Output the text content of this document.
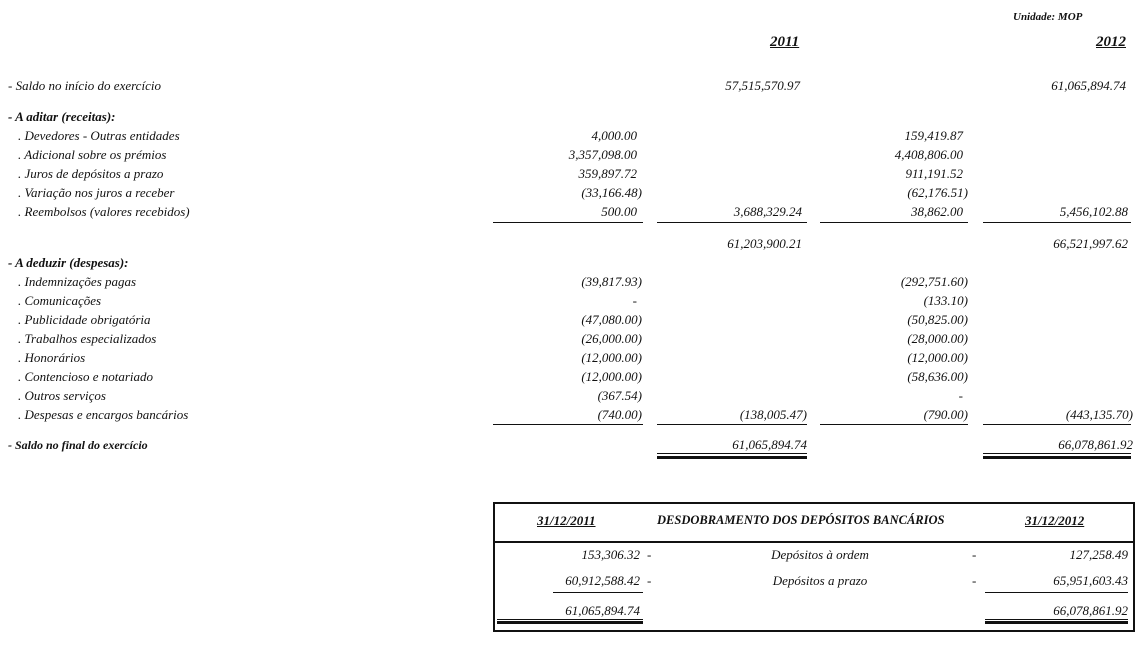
Unidade: MOP
2011	2012
- Saldo no início do exercício	57,515,570.97	61,065,894.74
- A aditar (receitas):
. Devedores - Outras entidades	4,000.00	159,419.87
. Adicional sobre os prémios	3,357,098.00	4,408,806.00
. Juros de depósitos a prazo	359,897.72	911,191.52
. Variação nos juros a receber	(33,166.48)	(62,176.51)
. Reembolsos (valores recebidos)	500.00	3,688,329.24	38,862.00	5,456,102.88
61,203,900.21	66,521,997.62
- A deduzir (despesas):
. Indemnizações pagas	(39,817.93)	(292,751.60)
. Comunicações	-	(133.10)
. Publicidade obrigatória	(47,080.00)	(50,825.00)
. Trabalhos especializados	(26,000.00)	(28,000.00)
. Honorários	(12,000.00)	(12,000.00)
. Contencioso e notariado	(12,000.00)	(58,636.00)
. Outros serviços	(367.54)	-
. Despesas e encargos bancários	(740.00)	(138,005.47)	(790.00)	(443,135.70)
- Saldo no final do exercício	61,065,894.74	66,078,861.92
31/12/2011	DESDOBRAMENTO DOS DEPÓSITOS BANCÁRIOS	31/12/2012
153,306.32 -	Depósitos à ordem	-	127,258.49
60,912,588.42 -	Depósitos a prazo	-	65,951,603.43
61,065,894.74	66,078,861.92
